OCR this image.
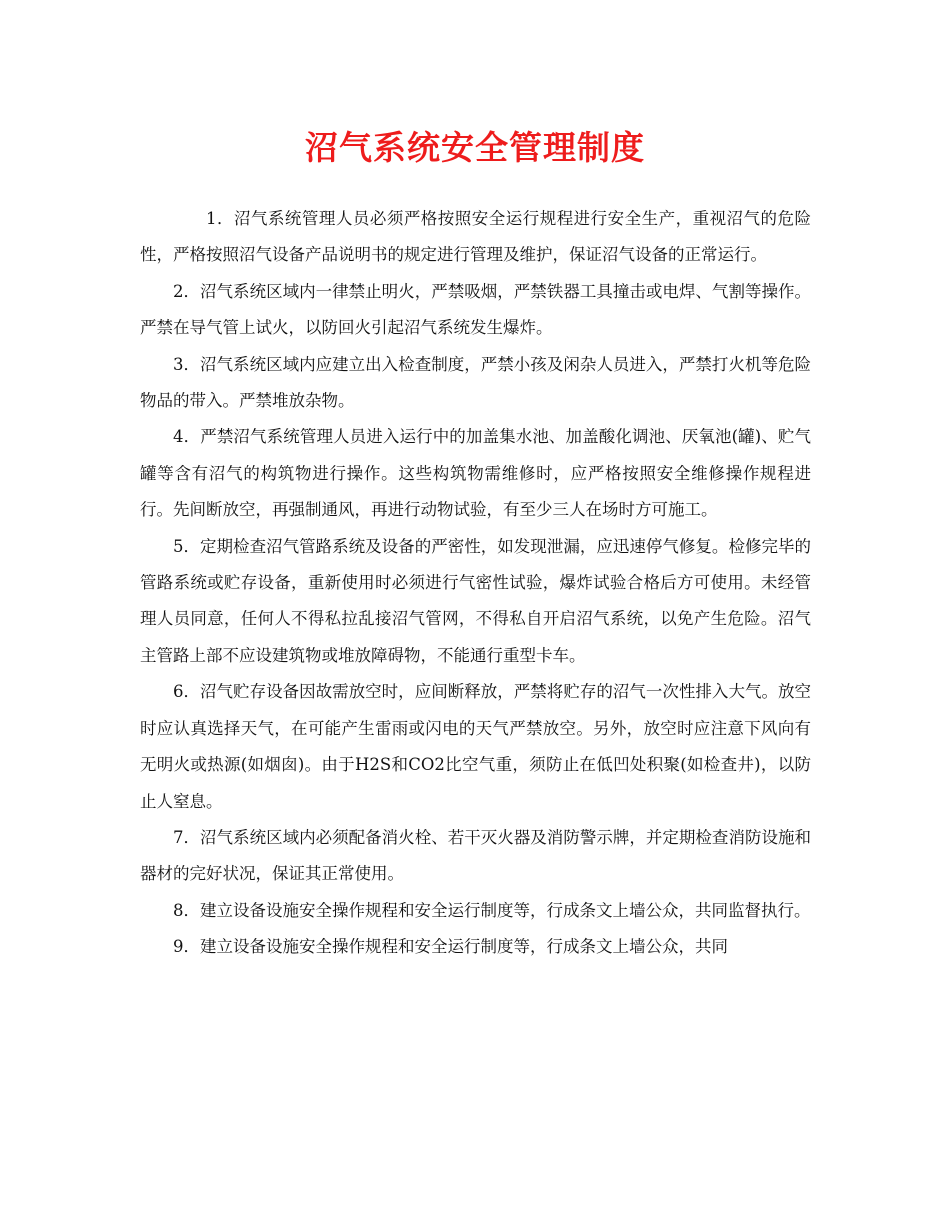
沼气系统安全管理制度

1．沼气系统管理人员必须严格按照安全运行规程进行安全生产，重视沼气的危险性，严格按照沼气设备产品说明书的规定进行管理及维护，保证沼气设备的正常运行。

2．沼气系统区域内一律禁止明火，严禁吸烟，严禁铁器工具撞击或电焊、气割等操作。严禁在导气管上试火，以防回火引起沼气系统发生爆炸。

3．沼气系统区域内应建立出入检查制度，严禁小孩及闲杂人员进入，严禁打火机等危险物品的带入。严禁堆放杂物。

4．严禁沼气系统管理人员进入运行中的加盖集水池、加盖酸化调池、厌氧池(罐)、贮气罐等含有沼气的构筑物进行操作。这些构筑物需维修时，应严格按照安全维修操作规程进行。先间断放空，再强制通风，再进行动物试验，有至少三人在场时方可施工。

5．定期检查沼气管路系统及设备的严密性，如发现泄漏，应迅速停气修复。检修完毕的管路系统或贮存设备，重新使用时必须进行气密性试验，爆炸试验合格后方可使用。未经管理人员同意，任何人不得私拉乱接沼气管网，不得私自开启沼气系统，以免产生危险。沼气主管路上部不应设建筑物或堆放障碍物，不能通行重型卡车。

6．沼气贮存设备因故需放空时，应间断释放，严禁将贮存的沼气一次性排入大气。放空时应认真选择天气，在可能产生雷雨或闪电的天气严禁放空。另外，放空时应注意下风向有无明火或热源(如烟囱)。由于H2S和CO2比空气重，须防止在低凹处积聚(如检查井)，以防止人窒息。

7．沼气系统区域内必须配备消火栓、若干灭火器及消防警示牌，并定期检查消防设施和器材的完好状况，保证其正常使用。

8．建立设备设施安全操作规程和安全运行制度等，行成条文上墙公众，共同监督执行。

9．建立设备设施安全操作规程和安全运行制度等，行成条文上墙公众，共同
